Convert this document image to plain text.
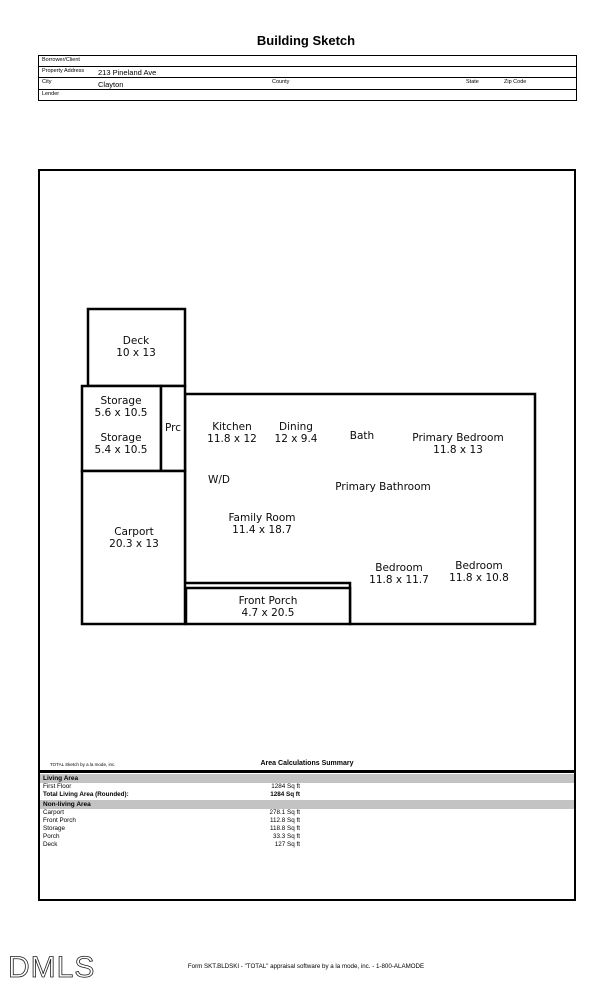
Building Sketch
Borrower/Client
Property Address 213 Pineland Ave
City	Clayton	County	State	Zip Code
Lender
Deck
10 x 13
Storage
5.6 x 10.5
Storage
5.4 x 10.5
Prc
Carport
20.3 x 13
Kitchen
11.8 x 12
Dining
12 x 9.4	Bath	Primary Bedroom
11.8 x 13
W/D
Primary Bathroom
Family Room
11.4 x 18.7
Bedroom
11.8 x 11.7
Bedroom
11.8 x 10.8
Front Porch
4.7 x 20.5
TOTAL Sketch by a la mode, inc.	Area Calculations Summary
Living Area
First Floor	1284 Sq ft
Total Living Area (Rounded):	1284 Sq ft
Non-living Area
Carport	278.1 Sq ft
Front Porch	112.8 Sq ft
Storage	118.8 Sq ft
Porch	33.3 Sq ft
Deck	127 Sq ft
DMLS	Form SKT.BLDSKI - "TOTAL" appraisal software by a la mode, inc. - 1-800-ALAMODE
